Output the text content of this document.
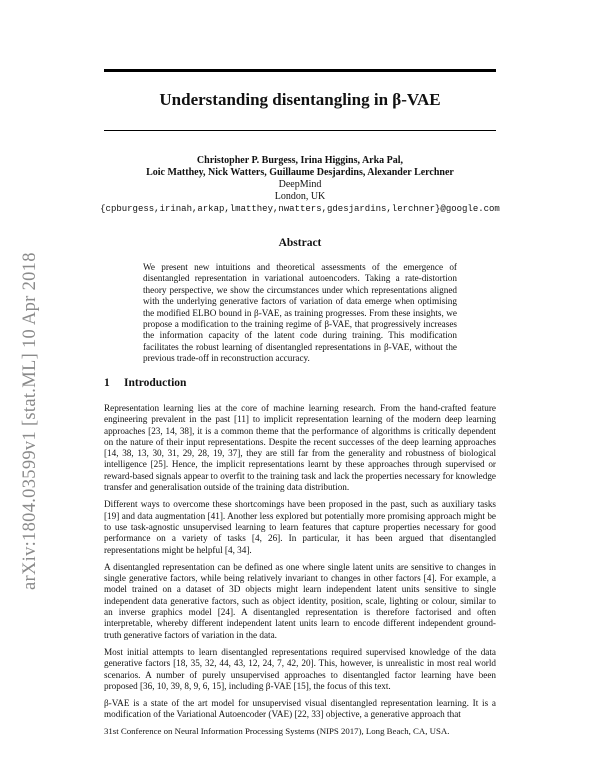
arXiv:1804.03599v1 [stat.ML] 10 Apr 2018
Understanding disentangling in β-VAE
Christopher P. Burgess, Irina Higgins, Arka Pal,
Loic Matthey, Nick Watters, Guillaume Desjardins, Alexander Lerchner
DeepMind
London, UK
{cpburgess,irinah,arkap,lmatthey,nwatters,gdesjardins,lerchner}@google.com
Abstract
We present new intuitions and theoretical assessments of the emergence of disentangled representation in variational autoencoders. Taking a rate-distortion theory perspective, we show the circumstances under which representations aligned with the underlying generative factors of variation of data emerge when optimising the modified ELBO bound in β-VAE, as training progresses. From these insights, we propose a modification to the training regime of β-VAE, that progressively increases the information capacity of the latent code during training. This modification facilitates the robust learning of disentangled representations in β-VAE, without the previous trade-off in reconstruction accuracy.
1 Introduction

Representation learning lies at the core of machine learning research. From the hand-crafted feature engineering prevalent in the past [11] to implicit representation learning of the modern deep learning approaches [23, 14, 38], it is a common theme that the performance of algorithms is critically dependent on the nature of their input representations. Despite the recent successes of the deep learning approaches [14, 38, 13, 30, 31, 29, 28, 19, 37], they are still far from the generality and robustness of biological intelligence [25]. Hence, the implicit representations learnt by these approaches through supervised or reward-based signals appear to overfit to the training task and lack the properties necessary for knowledge transfer and generalisation outside of the training data distribution.

Different ways to overcome these shortcomings have been proposed in the past, such as auxiliary tasks [19] and data augmentation [41]. Another less explored but potentially more promising approach might be to use task-agnostic unsupervised learning to learn features that capture properties necessary for good performance on a variety of tasks [4, 26]. In particular, it has been argued that disentangled representations might be helpful [4, 34].

A disentangled representation can be defined as one where single latent units are sensitive to changes in single generative factors, while being relatively invariant to changes in other factors [4]. For example, a model trained on a dataset of 3D objects might learn independent latent units sensitive to single independent data generative factors, such as object identity, position, scale, lighting or colour, similar to an inverse graphics model [24]. A disentangled representation is therefore factorised and often interpretable, whereby different independent latent units learn to encode different independent ground-truth generative factors of variation in the data.

Most initial attempts to learn disentangled representations required supervised knowledge of the data generative factors [18, 35, 32, 44, 43, 12, 24, 7, 42, 20]. This, however, is unrealistic in most real world scenarios. A number of purely unsupervised approaches to disentangled factor learning have been proposed [36, 10, 39, 8, 9, 6, 15], including β-VAE [15], the focus of this text.

β-VAE is a state of the art model for unsupervised visual disentangled representation learning. It is a modification of the Variational Autoencoder (VAE) [22, 33] objective, a generative approach that

31st Conference on Neural Information Processing Systems (NIPS 2017), Long Beach, CA, USA.
